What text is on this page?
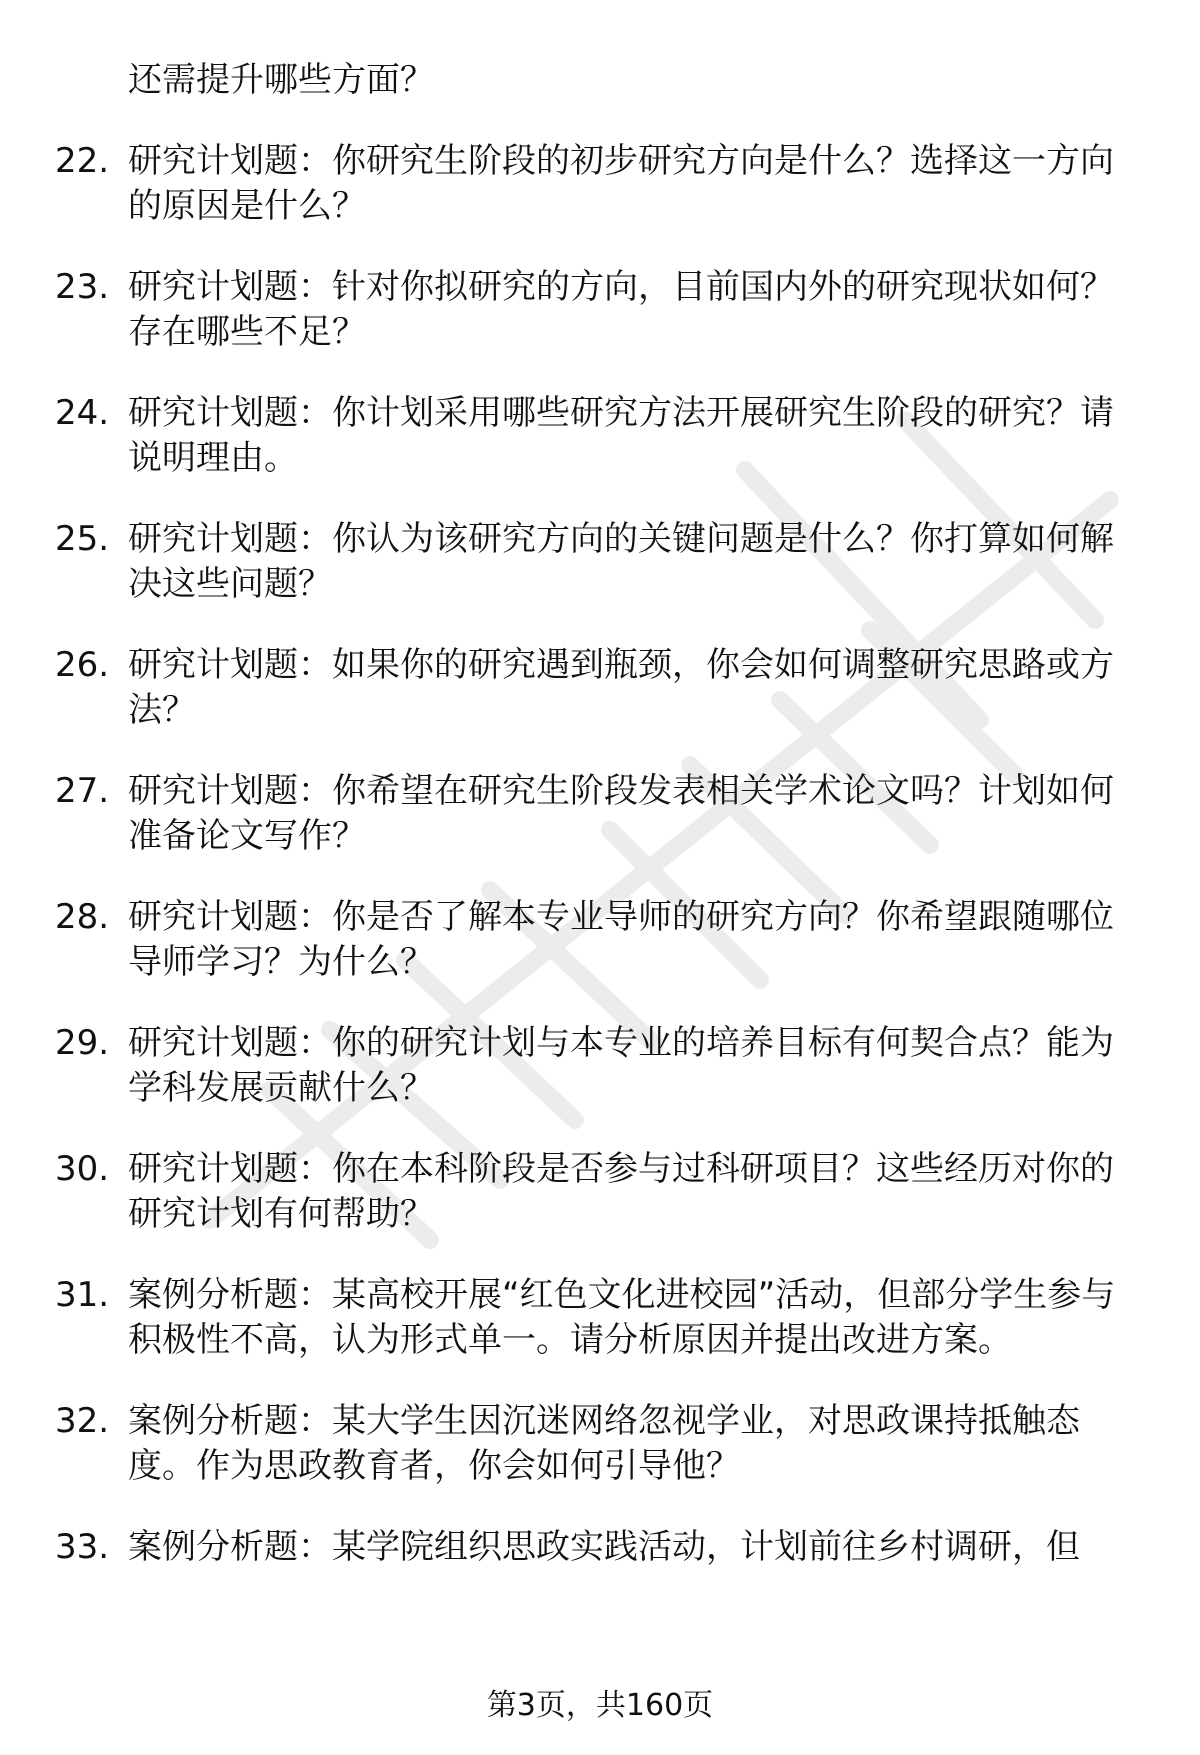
还需提升哪些方面？
22. 研究计划题：你研究生阶段的初步研究方向是什么？选择这一方向的原因是什么？
23. 研究计划题：针对你拟研究的方向，目前国内外的研究现状如何？存在哪些不足？
24. 研究计划题：你计划采用哪些研究方法开展研究生阶段的研究？请说明理由。
25. 研究计划题：你认为该研究方向的关键问题是什么？你打算如何解决这些问题？
26. 研究计划题：如果你的研究遇到瓶颈，你会如何调整研究思路或方法？
27. 研究计划题：你希望在研究生阶段发表相关学术论文吗？计划如何准备论文写作？
28. 研究计划题：你是否了解本专业导师的研究方向？你希望跟随哪位导师学习？为什么？
29. 研究计划题：你的研究计划与本专业的培养目标有何契合点？能为学科发展贡献什么？
30. 研究计划题：你在本科阶段是否参与过科研项目？这些经历对你的研究计划有何帮助？
31. 案例分析题：某高校开展“红色文化进校园”活动，但部分学生参与积极性不高，认为形式单一。请分析原因并提出改进方案。
32. 案例分析题：某大学生因沉迷网络忽视学业，对思政课持抵触态度。作为思政教育者，你会如何引导他？
33. 案例分析题：某学院组织思政实践活动，计划前往乡村调研，但
第3页，共160页
